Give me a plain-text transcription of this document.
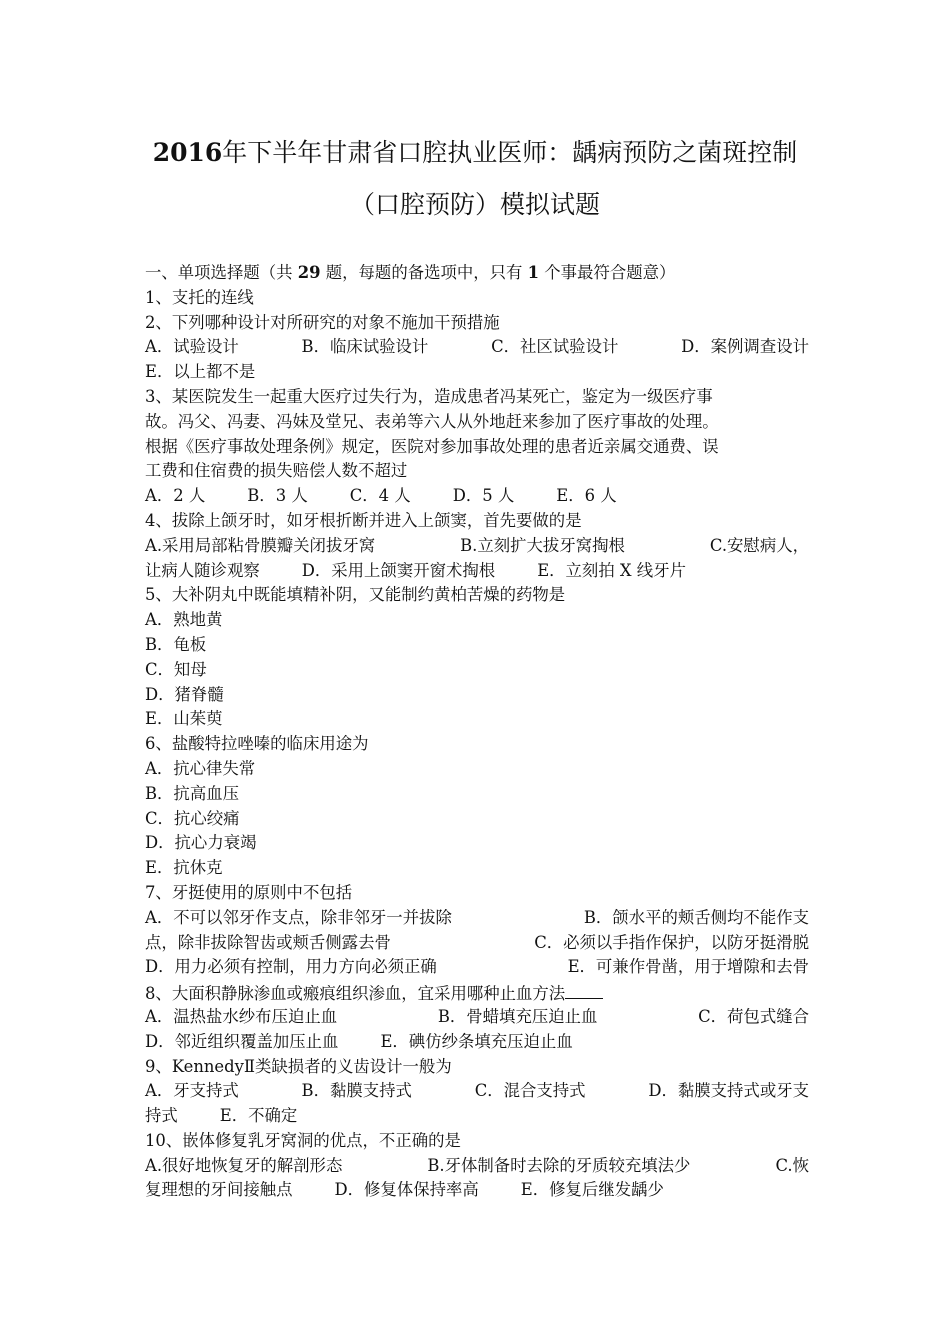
2016年下半年甘肃省口腔执业医师：龋病预防之菌斑控制
（口腔预防）模拟试题
一、单项选择题（共 29 题，每题的备选项中，只有 1 个事最符合题意）
1、支托的连线
2、下列哪种设计对所研究的对象不施加干预措施
A．试验设计	B．临床试验设计	C．社区试验设计	D．案例调查设计
E．以上都不是
3、某医院发生一起重大医疗过失行为，造成患者冯某死亡，鉴定为一级医疗事
故。冯父、冯妻、冯妹及堂兄、表弟等六人从外地赶来参加了医疗事故的处理。
根据《医疗事故处理条例》规定，医院对参加事故处理的患者近亲属交通费、误
工费和住宿费的损失赔偿人数不超过
A．2 人	B．3 人	C．4 人	D．5 人	E．6 人
4、拔除上颌牙时，如牙根折断并进入上颌窦，首先要做的是
A.采用局部粘骨膜瓣关闭拔牙窝	B.立刻扩大拔牙窝掏根	C.安慰病人，
让病人随诊观察	D．采用上颌窦开窗术掏根	E．立刻拍 X 线牙片
5、大补阴丸中既能填精补阴，又能制约黄柏苦燥的药物是
A．熟地黄
B．龟板
C．知母
D．猪脊髓
E．山茱萸
6、盐酸特拉唑嗪的临床用途为
A．抗心律失常
B．抗高血压
C．抗心绞痛
D．抗心力衰竭
E．抗休克
7、牙挺使用的原则中不包括
A．不可以邻牙作支点，除非邻牙一并拔除	B．颌水平的颊舌侧均不能作支
点，除非拔除智齿或颊舌侧露去骨	C．必须以手指作保护，以防牙挺滑脱
D．用力必须有控制，用力方向必须正确	E．可兼作骨凿，用于增隙和去骨
8、大面积静脉渗血或瘢痕组织渗血，宜采用哪种止血方法
A．温热盐水纱布压迫止血	B．骨蜡填充压迫止血	C．荷包式缝合
D．邻近组织覆盖加压止血	E．碘仿纱条填充压迫止血
9、KennedyⅡ类缺损者的义齿设计一般为
A．牙支持式	B．黏膜支持式	C．混合支持式	D．黏膜支持式或牙支
持式	E．不确定
10、嵌体修复乳牙窝洞的优点，不正确的是
A.很好地恢复牙的解剖形态	B.牙体制备时去除的牙质较充填法少	C.恢
复理想的牙间接触点	D．修复体保持率高	E．修复后继发龋少
